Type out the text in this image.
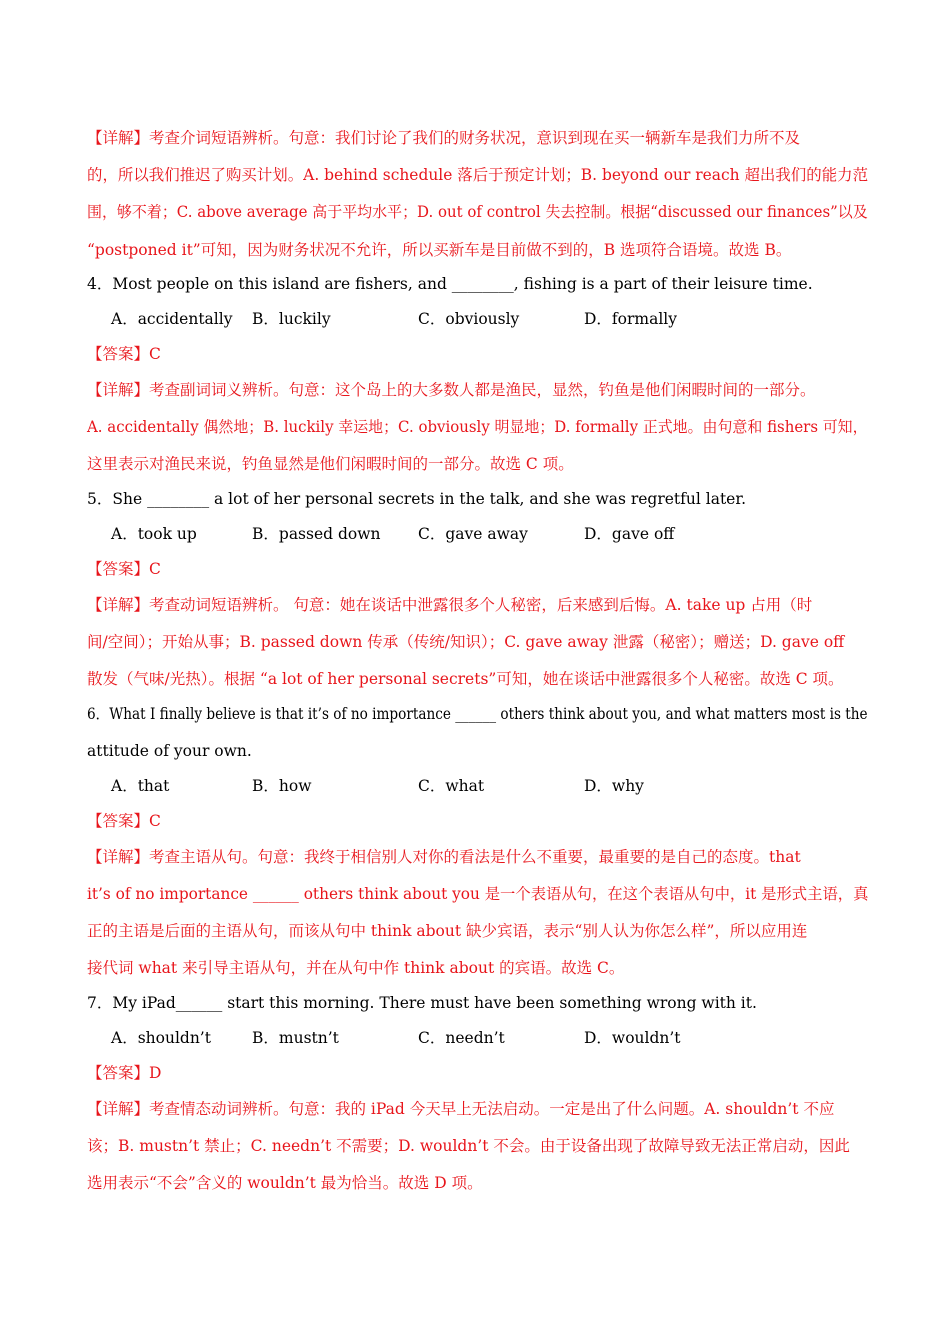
【详解】考查介词短语辨析。句意：我们讨论了我们的财务状况，意识到现在买一辆新车是我们力所不及
的，所以我们推迟了购买计划。A. behind schedule 落后于预定计划；B. beyond our reach 超出我们的能力范
围，够不着；C. above average 高于平均水平；D. out of control 失去控制。根据“discussed our finances”以及
“postponed it”可知，因为财务状况不允许，所以买新车是目前做不到的，B 选项符合语境。故选 B。
4．Most people on this island are fishers, and ________, fishing is a part of their leisure time.
A．accidentally B．luckily	C．obviously	D．formally
【答案】C
【详解】考查副词词义辨析。句意：这个岛上的大多数人都是渔民，显然，钓鱼是他们闲暇时间的一部分。
A. accidentally 偶然地；B. luckily 幸运地；C. obviously 明显地；D. formally 正式地。由句意和 fishers 可知，
这里表示对渔民来说，钓鱼显然是他们闲暇时间的一部分。故选 C 项。
5．She ________ a lot of her personal secrets in the talk, and she was regretful later.
A．took up	B．passed down C．gave away	D．gave off
【答案】C
【详解】考查动词短语辨析。 句意：她在谈话中泄露很多个人秘密，后来感到后悔。A. take up 占用（时
间/空间）；开始从事；B. passed down 传承（传统/知识）；C. gave away 泄露（秘密）；赠送；D. gave off
散发（气味/光热）。根据 “a lot of her personal secrets”可知，她在谈话中泄露很多个人秘密。故选 C 项。
6．What I finally believe is that it’s of no importance ______ others think about you, and what matters most is the
attitude of your own.
A．that	B．how	C．what	D．why
【答案】C
【详解】考查主语从句。句意：我终于相信别人对你的看法是什么不重要，最重要的是自己的态度。that
it’s of no importance ______ others think about you 是一个表语从句，在这个表语从句中，it 是形式主语，真
正的主语是后面的主语从句，而该从句中 think about 缺少宾语，表示“别人认为你怎么样”，所以应用连
接代词 what 来引导主语从句，并在从句中作 think about 的宾语。故选 C。
7．My iPad______ start this morning. There must have been something wrong with it.
A．shouldn’t	B．mustn’t	C．needn’t	D．wouldn’t
【答案】D
【详解】考查情态动词辨析。句意：我的 iPad 今天早上无法启动。一定是出了什么问题。A. shouldn’t 不应
该；B. mustn’t 禁止；C. needn’t 不需要；D. wouldn’t 不会。由于设备出现了故障导致无法正常启动，因此
选用表示“不会”含义的 wouldn’t 最为恰当。故选 D 项。
